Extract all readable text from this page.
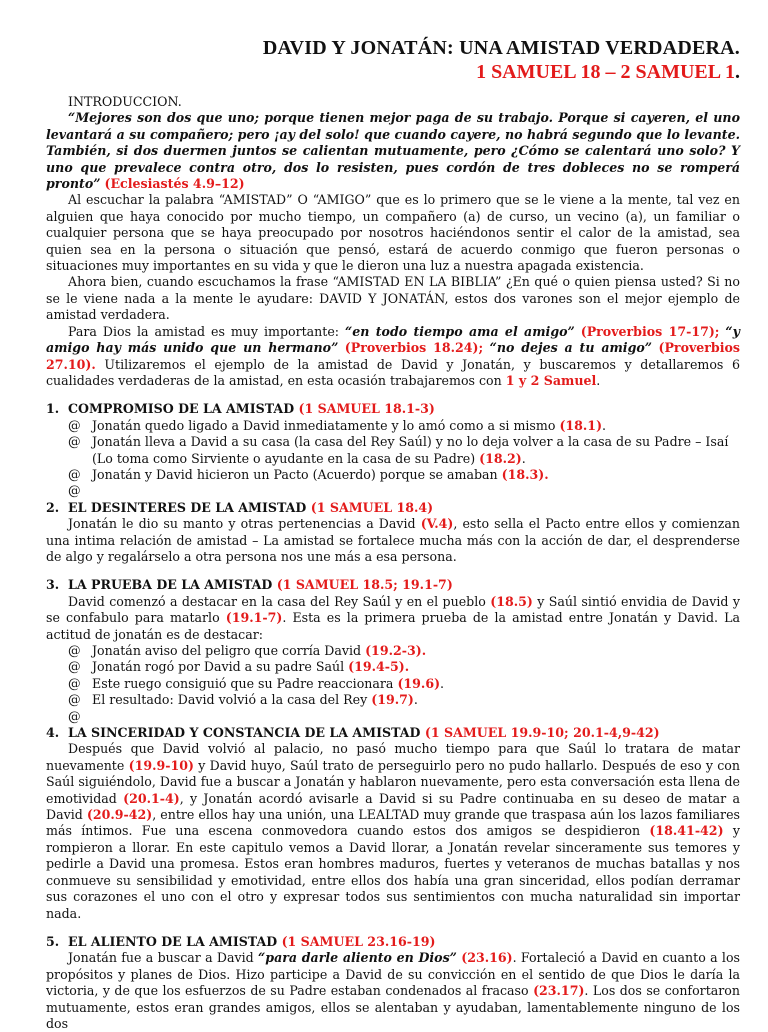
DAVID Y JONATÁN: UNA AMISTAD VERDADERA.
1 SAMUEL 18 – 2 SAMUEL 1.
INTRODUCCION.

“Mejores son dos que uno; porque tienen mejor paga de su trabajo. Porque si cayeren, el uno levantará a su compañero; pero ¡ay del solo! que cuando cayere, no habrá segundo que lo levante. También, si dos duermen juntos se calientan mutuamente, pero ¿Cómo se calentará uno solo? Y uno que prevalece contra otro, dos lo resisten, pues cordón de tres dobleces no se romperá pronto” (Eclesiastés 4.9–12)

Al escuchar la palabra “AMISTAD” O “AMIGO” que es lo primero que se le viene a la mente, tal vez en alguien que haya conocido por mucho tiempo, un compañero (a) de curso, un vecino (a), un familiar o cualquier persona que se haya preocupado por nosotros haciéndonos sentir el calor de la amistad, sea quien sea en la persona o situación que pensó, estará de acuerdo conmigo que fueron personas o situaciones muy importantes en su vida y que le dieron una luz a nuestra apagada existencia.

Ahora bien, cuando escuchamos la frase “AMISTAD EN LA BIBLIA” ¿En qué o quien piensa usted? Si no se le viene nada a la mente le ayudare: DAVID Y JONATÁN, estos dos varones son el mejor ejemplo de amistad verdadera.

Para Dios la amistad es muy importante: “en todo tiempo ama el amigo” (Proverbios 17-17); “y amigo hay más unido que un hermano” (Proverbios 18.24); “no dejes a tu amigo” (Proverbios 27.10). Utilizaremos el ejemplo de la amistad de David y Jonatán, y buscaremos y detallaremos 6 cualidades verdaderas de la amistad, en esta ocasión trabajaremos con 1 y 2 Samuel.

1. COMPROMISO DE LA AMISTAD (1 SAMUEL 18.1-3)
@ Jonatán quedo ligado a David inmediatamente y lo amó como a si mismo (18.1).
@ Jonatán lleva a David a su casa (la casa del Rey Saúl) y no lo deja volver a la casa de su Padre – Isaí (Lo toma como Sirviente o ayudante en la casa de su Padre) (18.2).
@ Jonatán y David hicieron un Pacto (Acuerdo) porque se amaban (18.3).
@
2. EL DESINTERES DE LA AMISTAD (1 SAMUEL 18.4)

Jonatán le dio su manto y otras pertenencias a David (V.4), esto sella el Pacto entre ellos y comienzan una intima relación de amistad – La amistad se fortalece mucha más con la acción de dar, el desprenderse de algo y regalárselo a otra persona nos une más a esa persona.

3. LA PRUEBA DE LA AMISTAD (1 SAMUEL 18.5; 19.1-7)

David comenzó a destacar en la casa del Rey Saúl y en el pueblo (18.5) y Saúl sintió envidia de David y se confabulo para matarlo (19.1-7). Esta es la primera prueba de la amistad entre Jonatán y David. La actitud de jonatán es de destacar:

@ Jonatán aviso del peligro que corría David (19.2-3).
@ Jonatán rogó por David a su padre Saúl (19.4-5).
@ Este ruego consiguió que su Padre reaccionara (19.6).
@ El resultado: David volvió a la casa del Rey (19.7).
@
4. LA SINCERIDAD Y CONSTANCIA DE LA AMISTAD (1 SAMUEL 19.9-10; 20.1-4,9-42)

Después que David volvió al palacio, no pasó mucho tiempo para que Saúl lo tratara de matar nuevamente (19.9-10) y David huyo, Saúl trato de perseguirlo pero no pudo hallarlo. Después de eso y con Saúl siguiéndolo, David fue a buscar a Jonatán y hablaron nuevamente, pero esta conversación esta llena de emotividad (20.1-4), y Jonatán acordó avisarle a David si su Padre continuaba en su deseo de matar a David (20.9-42), entre ellos hay una unión, una LEALTAD muy grande que traspasa aún los lazos familiares más íntimos. Fue una escena conmovedora cuando estos dos amigos se despidieron (18.41-42) y rompieron a llorar. En este capitulo vemos a David llorar, a Jonatán revelar sinceramente sus temores y pedirle a David una promesa. Estos eran hombres maduros, fuertes y veteranos de muchas batallas y nos conmueve su sensibilidad y emotividad, entre ellos dos había una gran sinceridad, ellos podían derramar sus corazones el uno con el otro y expresar todos sus sentimientos con mucha naturalidad sin importar nada.

5. EL ALIENTO DE LA AMISTAD (1 SAMUEL 23.16-19)

Jonatán fue a buscar a David “para darle aliento en Dios” (23.16). Fortaleció a David en cuanto a los propósitos y planes de Dios. Hizo participe a David de su convicción en el sentido de que Dios le daría la victoria, y de que los esfuerzos de su Padre estaban condenados al fracaso (23.17). Los dos se confortaron mutuamente, estos eran grandes amigos, ellos se alentaban y ayudaban, lamentablemente ninguno de los dos
